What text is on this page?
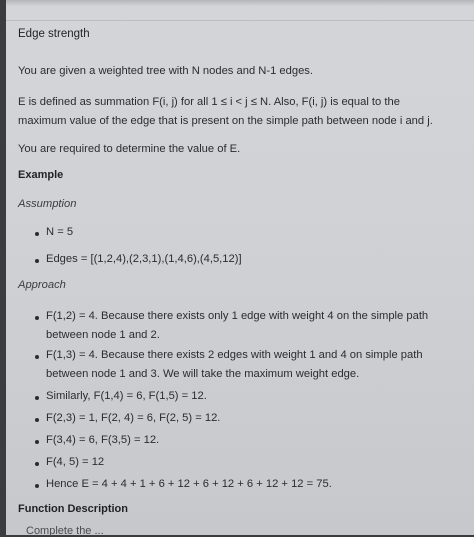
Edge strength
You are given a weighted tree with N nodes and N-1 edges.
E is defined as summation F(i, j) for all 1 ≤ i < j ≤ N. Also, F(i, j) is equal to the
maximum value of the edge that is present on the simple path between node i and j.
You are required to determine the value of E.
Example
Assumption
N = 5
Edges = [(1,2,4),(2,3,1),(1,4,6),(4,5,12)]
Approach
F(1,2) = 4. Because there exists only 1 edge with weight 4 on the simple path
between node 1 and 2.
F(1,3) = 4. Because there exists 2 edges with weight 1 and 4 on simple path
between node 1 and 3. We will take the maximum weight edge.
Similarly, F(1,4) = 6, F(1,5) = 12.
F(2,3) = 1, F(2, 4) = 6, F(2, 5) = 12.
F(3,4) = 6, F(3,5) = 12.
F(4, 5) = 12
Hence E = 4 + 4 + 1 + 6 + 12 + 6 + 12 + 6 + 12 + 12 = 75.
Function Description
Complete the ...
